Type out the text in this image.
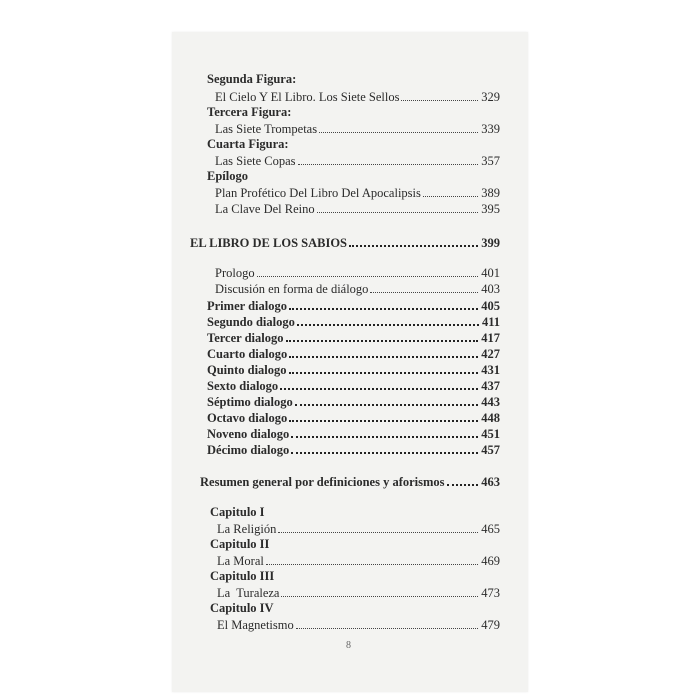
Segunda Figura:
El Cielo Y El Libro. Los Siete Sellos	329
Tercera Figura:
Las Siete Trompetas	339
Cuarta Figura:
Las Siete Copas	357
Epílogo
Plan Profético Del Libro Del Apocalipsis	389
La Clave Del Reino	395
EL LIBRO DE LOS SABIOS	399
Prologo	401
Discusión en forma de diálogo	403
Primer dialogo	405
Segundo dialogo	411
Tercer dialogo	417
Cuarto dialogo	427
Quinto dialogo	431
Sexto dialogo	437
Séptimo dialogo	443
Octavo dialogo	448
Noveno dialogo	451
Décimo dialogo	457
Resumen general por definiciones y aforismos	463
Capitulo I
La Religión	465
Capitulo II
La Moral	469
Capitulo III
La  Turaleza	473
Capitulo IV
El Magnetismo	479
8
